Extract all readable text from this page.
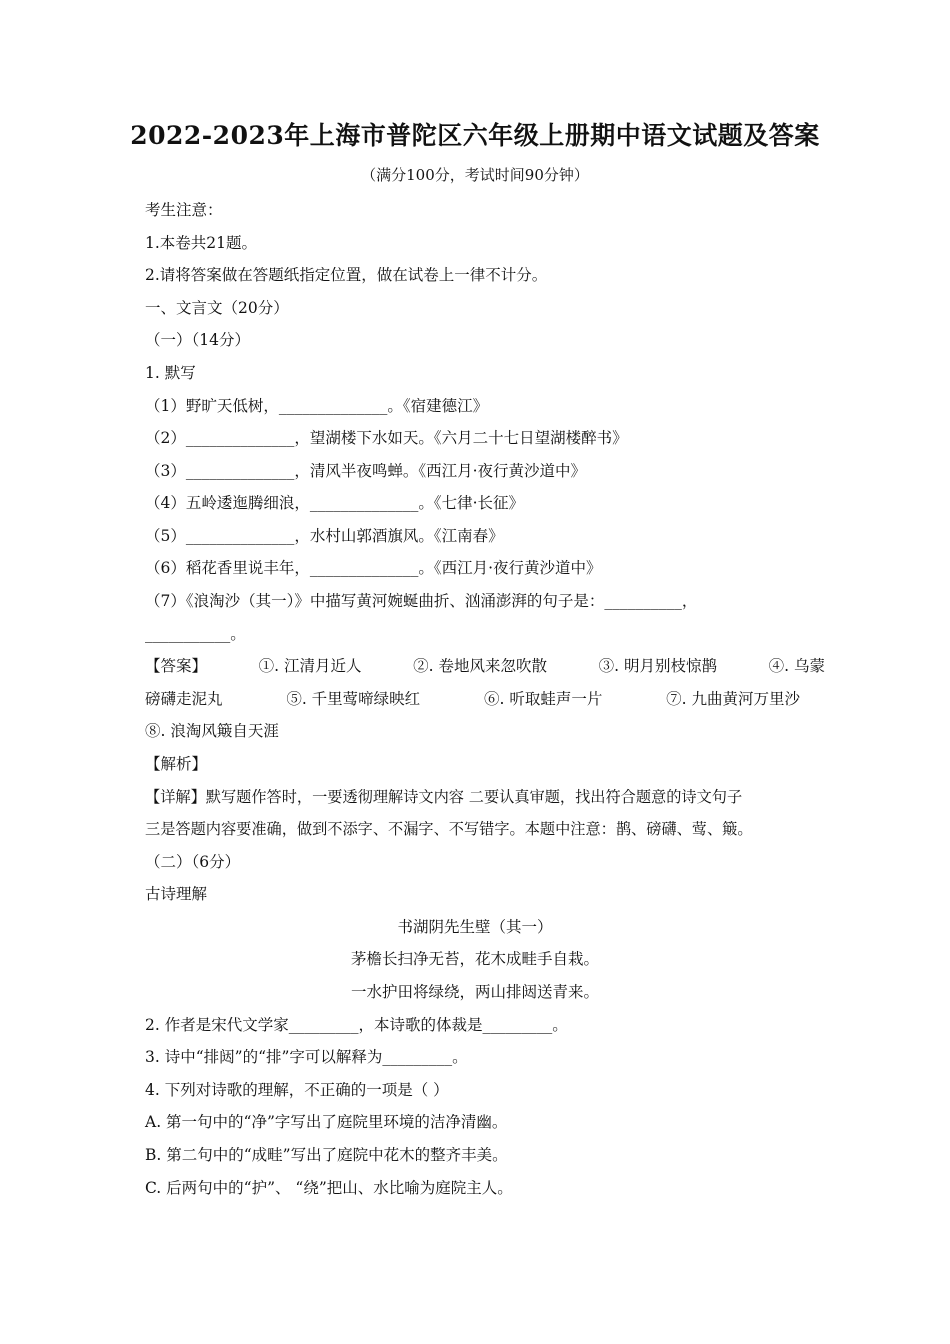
2022-2023年上海市普陀区六年级上册期中语文试题及答案
（满分100分，考试时间90分钟）
考生注意：
1.本卷共21题。
2.请将答案做在答题纸指定位置，做在试卷上一律不计分。
一、文言文（20分）
（一）（14分）
1. 默写
（1）野旷天低树，______________。《宿建德江》
（2）______________，望湖楼下水如天。《六月二十七日望湖楼醉书》
（3）______________，清风半夜鸣蝉。《西江月·夜行黄沙道中》
（4）五岭逶迤腾细浪，______________。《七律·长征》
（5）______________，水村山郭酒旗风。《江南春》
（6）稻花香里说丰年，______________。《西江月·夜行黄沙道中》
（7）《浪淘沙（其一）》中描写黄河婉蜒曲折、汹涌澎湃的句子是：__________，
___________。
【答案】	①. 江清月近人	②. 卷地风来忽吹散	③. 明月别枝惊鹊	④. 乌蒙
磅礴走泥丸	⑤. 千里莺啼绿映红	⑥. 听取蛙声一片	⑦. 九曲黄河万里沙
⑧. 浪淘风簸自天涯
【解析】
【详解】默写题作答时，一要透彻理解诗文内容 二要认真审题，找出符合题意的诗文句子
三是答题内容要准确，做到不添字、不漏字、不写错字。本题中注意：鹊、磅礴、莺、簸。
（二）（6分）
古诗理解
书湖阴先生壁（其一）
茅檐长扫净无苔，花木成畦手自栽。
一水护田将绿绕，两山排闼送青来。
2. 作者是宋代文学家_________，本诗歌的体裁是_________。
3. 诗中“排闼”的“排”字可以解释为_________。
4. 下列对诗歌的理解，不正确的一项是（ ）
A. 第一句中的“净”字写出了庭院里环境的洁净清幽。
B. 第二句中的“成畦”写出了庭院中花木的整齐丰美。
C. 后两句中的“护”、 “绕”把山、水比喻为庭院主人。
